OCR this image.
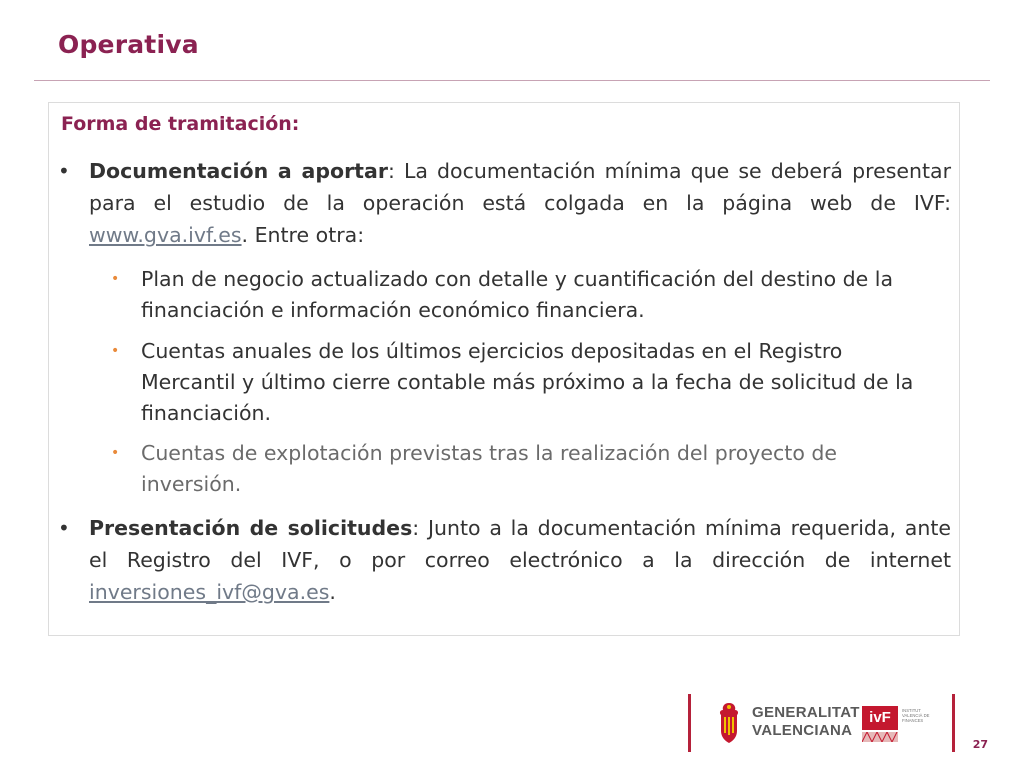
Operativa
Forma de tramitación:
• Documentación a aportar: La documentación mínima que se deberá presentar para el estudio de la operación está colgada en la página web de IVF: www.gva.ivf.es. Entre otra:
• Plan de negocio actualizado con detalle y cuantificación del destino de la financiación e información económico financiera.
• Cuentas anuales de los últimos ejercicios depositadas en el Registro Mercantil y último cierre contable más próximo a la fecha de solicitud de la financiación.
• Cuentas de explotación previstas tras la realización del proyecto de inversión.
• Presentación de solicitudes: Junto a la documentación mínima requerida, ante el Registro del IVF, o por correo electrónico a la dirección de internet inversiones_ivf@gva.es.
GENERALITAT
VALENCIANA
ivF	INSTITUT VALENCIÀ DE FINANCES
27
